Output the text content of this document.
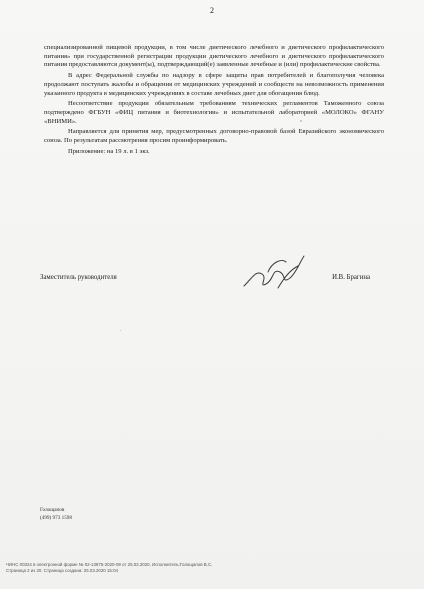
2

специализированной пищевой продукции, в том числе диетического лечебного и диетического профилактического питания» при государственной регистрации продукции диетического лечебного и диетического профилактического питания предоставляются документ(ы), подтверждающий(е) заявленные лечебные и (или) профилактические свойства.

В адрес Федеральной службы по надзору в сфере защиты прав потребителей и благополучия человека продолжают поступать жалобы и обращения от медицинских учреждений и сообществ на невозможность применения указанного продукта в медицинских учреждениях в составе лечебных диет для обогащения блюд.

Несоответствие продукции обязательным требованиям технических регламентов Таможенного союза подтверждено ФГБУН «ФИЦ питания и биотехнологии» и испытательной лабораторией «МОЛОКО» ФГАНУ «ВНИМИ».

Направляется для принятия мер, предусмотренных договорно-правовой базой Евразийского экономического союза. По результатам рассмотрения просим проинформировать.

Приложение: на 19 л. в 1 экз.

Заместитель руководителя	И.В. Брагина
Голощапов
(499) 973 1598
ЧИНС 00324 в электронной форме № 02-13975-2020-09 от 25.03.2020. Исполнитель:Голощапов В.С.
Страница 2 из 20. Страница создана: 25.03.2020 15:04
